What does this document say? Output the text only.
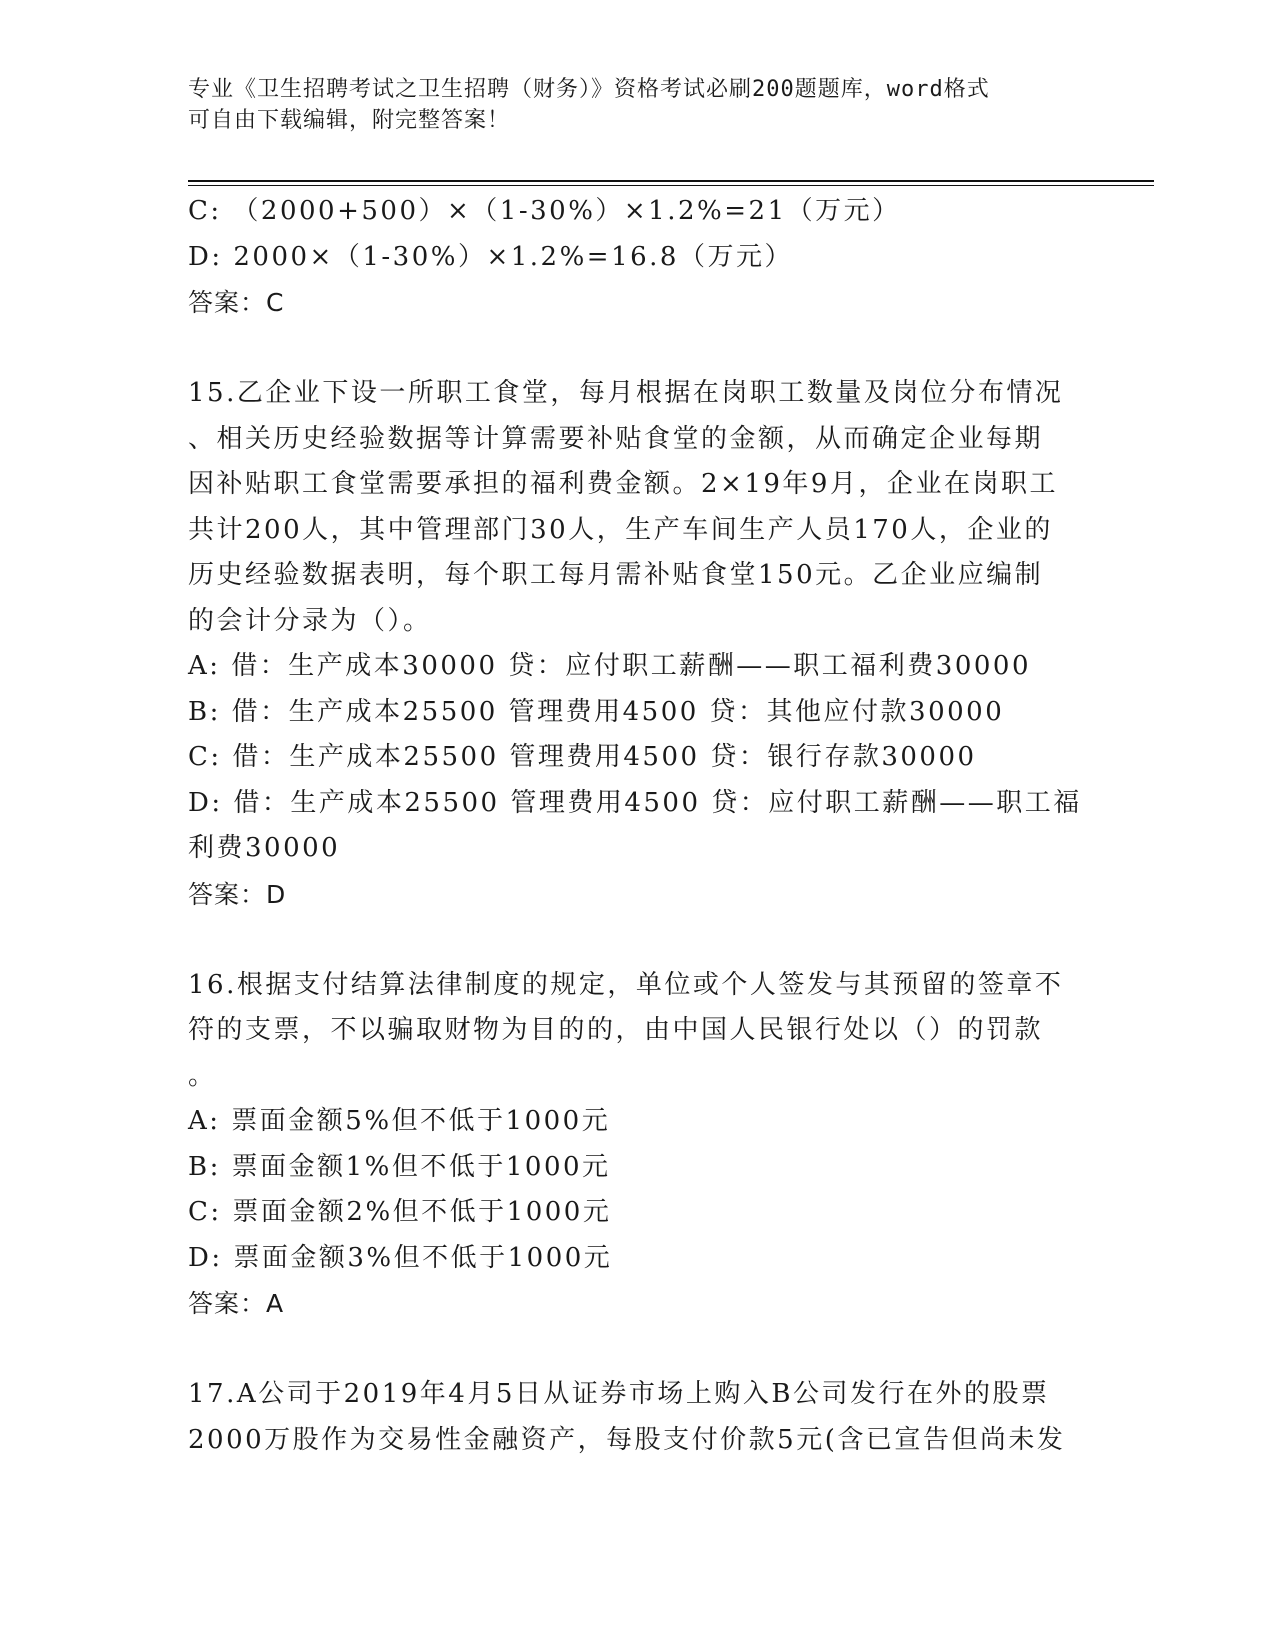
专业《卫生招聘考试之卫生招聘（财务）》资格考试必刷200题题库，word格式
可自由下载编辑，附完整答案！
C: （2000+500）×（1-30%）×1.2%=21（万元）
D: 2000×（1-30%）×1.2%=16.8（万元）
答案：C
15.乙企业下设一所职工食堂，每月根据在岗职工数量及岗位分布情况
、相关历史经验数据等计算需要补贴食堂的金额，从而确定企业每期
因补贴职工食堂需要承担的福利费金额。2×19年9月，企业在岗职工
共计200人，其中管理部门30人，生产车间生产人员170人，企业的
历史经验数据表明，每个职工每月需补贴食堂150元。乙企业应编制
的会计分录为（）。
A: 借：生产成本30000 贷：应付职工薪酬——职工福利费30000
B: 借：生产成本25500 管理费用4500 贷：其他应付款30000
C: 借：生产成本25500 管理费用4500 贷：银行存款30000
D: 借：生产成本25500 管理费用4500 贷：应付职工薪酬——职工福
利费30000
答案：D
16.根据支付结算法律制度的规定，单位或个人签发与其预留的签章不
符的支票，不以骗取财物为目的的，由中国人民银行处以（）的罚款
。
A: 票面金额5%但不低于1000元
B: 票面金额1%但不低于1000元
C: 票面金额2%但不低于1000元
D: 票面金额3%但不低于1000元
答案：A
17.A公司于2019年4月5日从证券市场上购入B公司发行在外的股票
2000万股作为交易性金融资产，每股支付价款5元(含已宣告但尚未发
